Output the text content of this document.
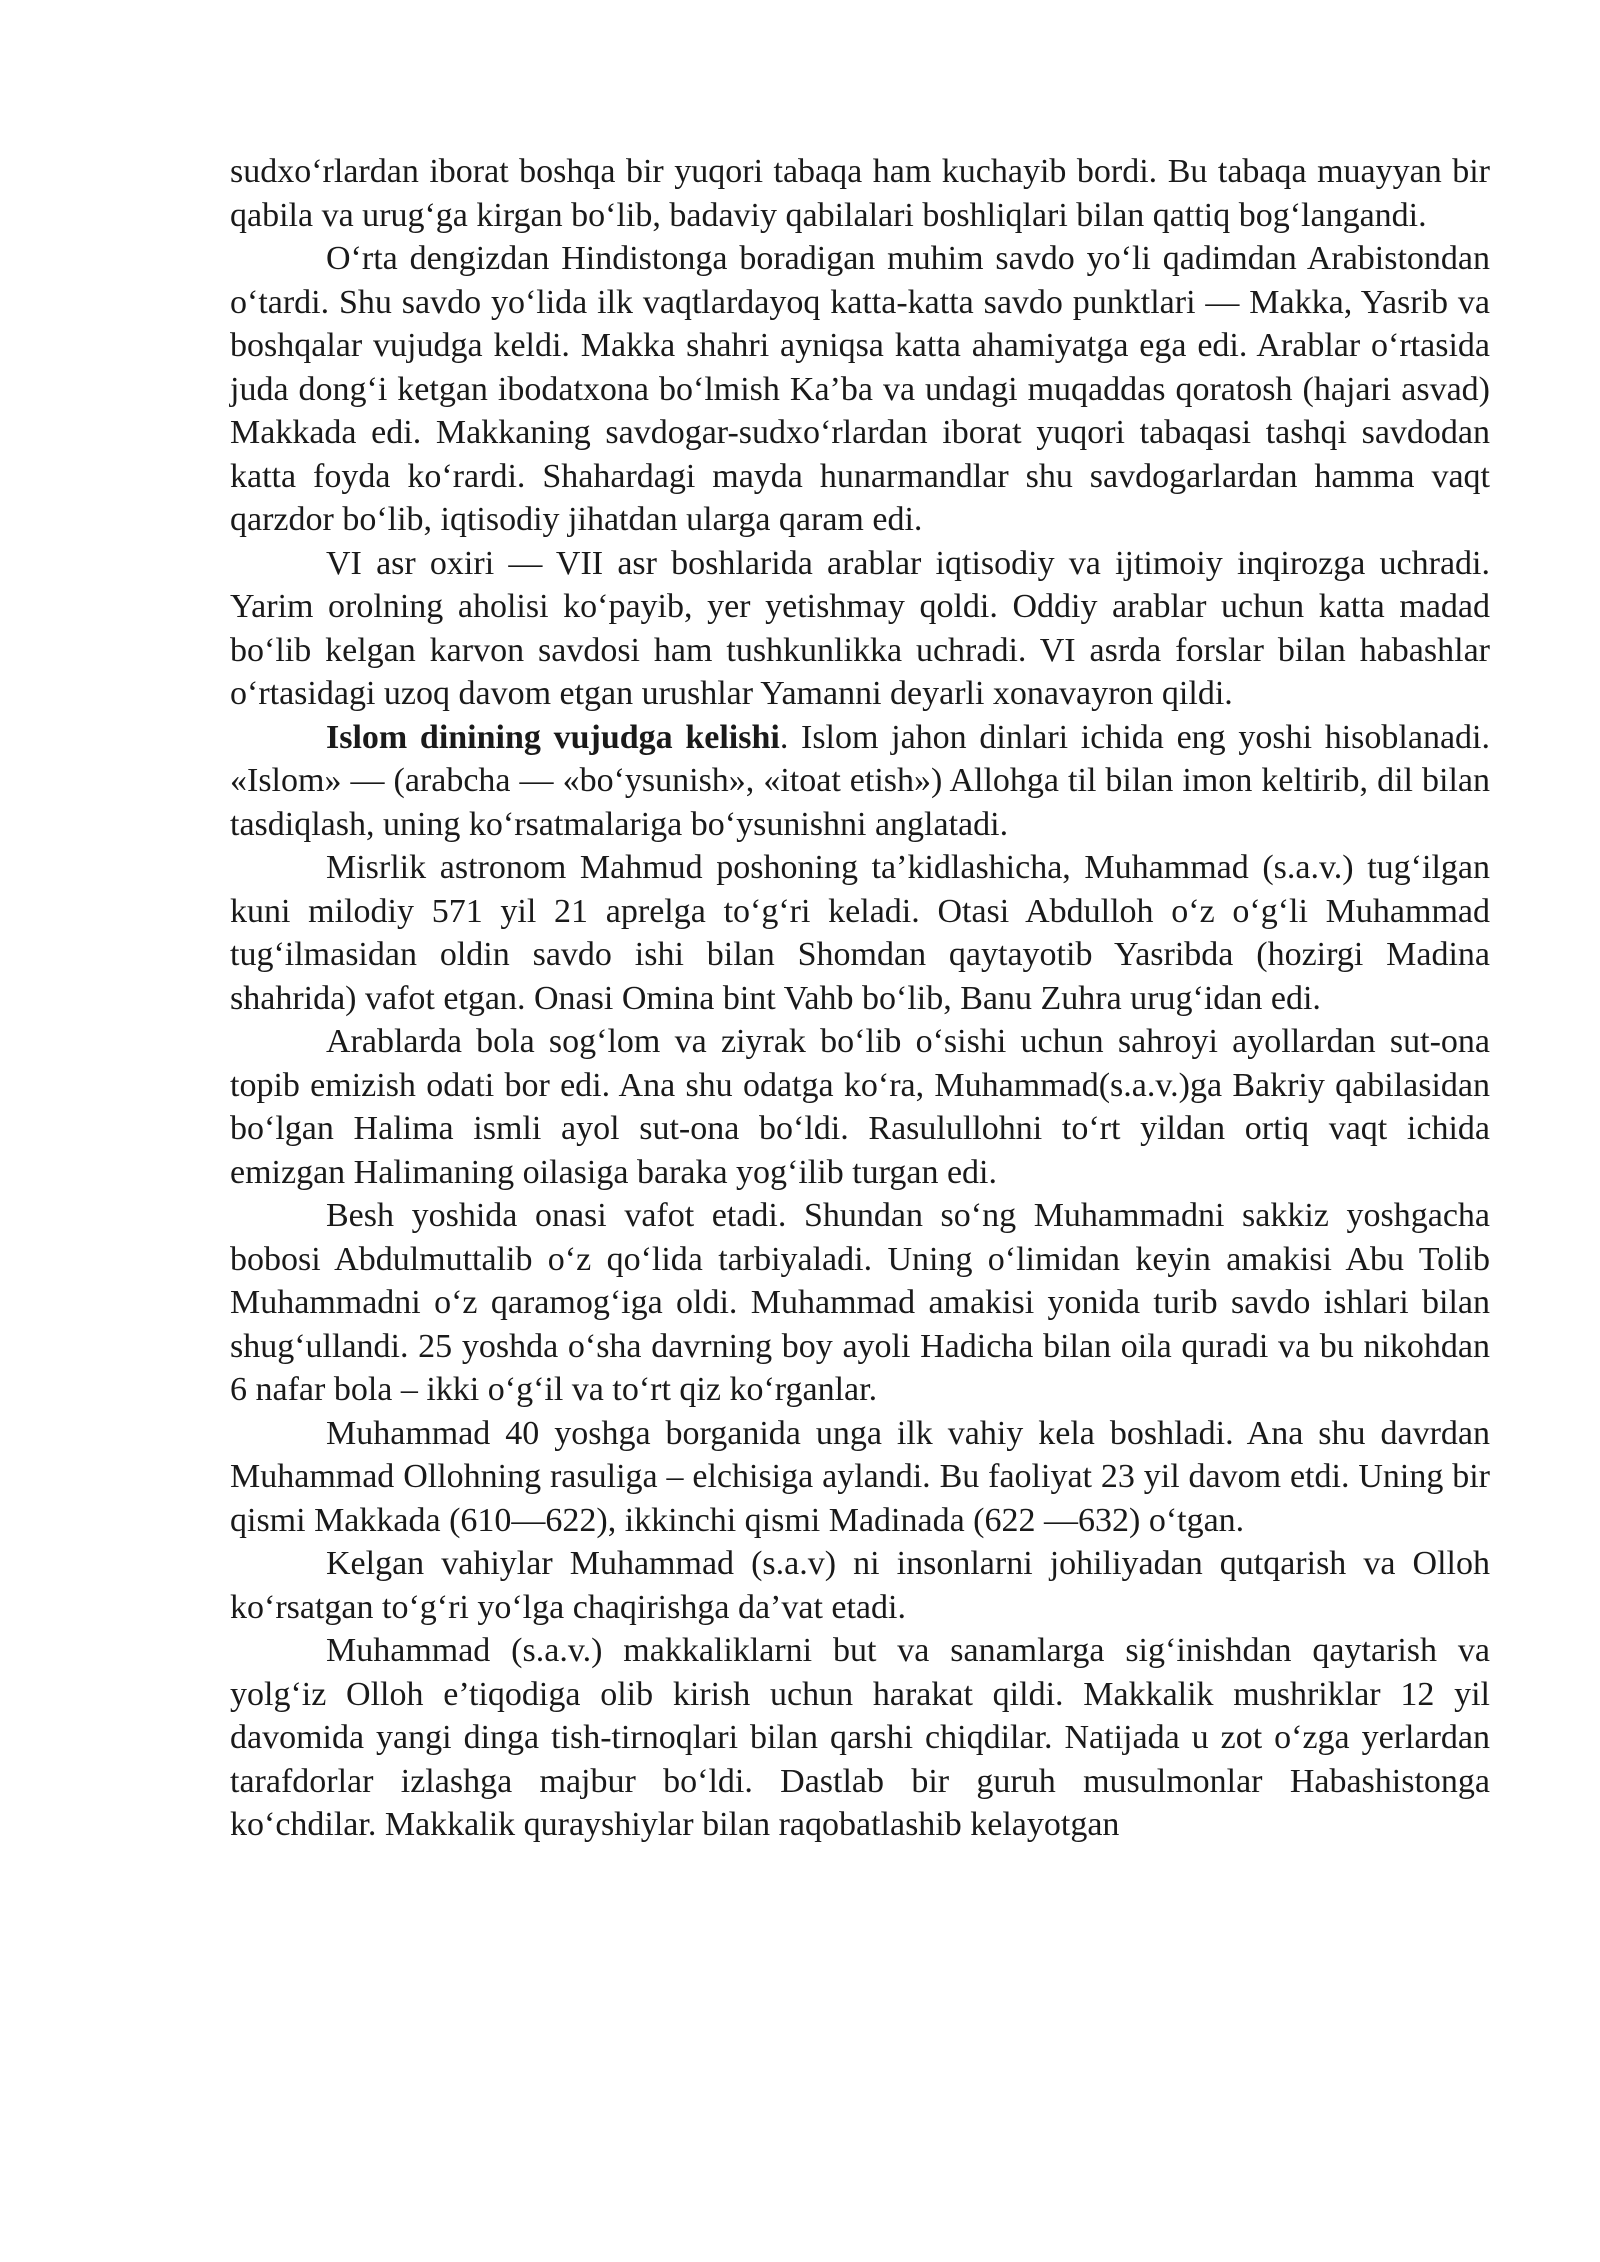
sudxo‘rlardan iborat boshqa bir yuqori tabaqa ham kuchayib bordi. Bu tabaqa muayyan bir qabila va urug‘ga kirgan bo‘lib, badaviy qabilalari boshliqlari bilan qattiq bog‘langandi.

O‘rta dengizdan Hindistonga boradigan muhim savdo yo‘li qadimdan Arabistondan o‘tardi. Shu savdo yo‘lida ilk vaqtlardayoq katta-katta savdo punktlari — Makka, Yasrib va boshqalar vujudga keldi. Makka shahri ayniqsa katta ahamiyatga ega edi. Arablar o‘rtasida juda dong‘i ketgan ibodatxona bo‘lmish Ka’ba va undagi muqaddas qoratosh (hajari asvad) Makkada edi. Makkaning savdogar-sudxo‘rlardan iborat yuqori tabaqasi tashqi savdodan katta foyda ko‘rardi. Shahardagi mayda hunarmandlar shu savdogarlardan hamma vaqt qarzdor bo‘lib, iqtisodiy jihatdan ularga qaram edi.

VI asr oxiri — VII asr boshlarida arablar iqtisodiy va ijtimoiy inqirozga uchradi. Yarim orolning aholisi ko‘payib, yer yetishmay qoldi. Oddiy arablar uchun katta madad bo‘lib kelgan karvon savdosi ham tushkunlikka uchradi. VI asrda forslar bilan habashlar o‘rtasidagi uzoq davom etgan urushlar Yamanni deyarli xonavayron qildi.

Islom dinining vujudga kelishi. Islom jahon dinlari ichida eng yoshi hisoblanadi. «Islom» — (arabcha — «bo‘ysunish», «itoat etish») Allohga til bilan imon keltirib, dil bilan tasdiqlash, uning ko‘rsatmalariga bo‘ysunishni anglatadi.

Misrlik astronom Mahmud poshoning ta’kidlashicha, Muhammad (s.a.v.) tug‘ilgan kuni milodiy 571 yil 21 aprelga to‘g‘ri keladi. Otasi Abdulloh o‘z o‘g‘li Muhammad tug‘ilmasidan oldin savdo ishi bilan Shomdan qaytayotib Yasribda (hozirgi Madina shahrida) vafot etgan. Onasi Omina bint Vahb bo‘lib, Banu Zuhra urug‘idan edi.

Arablarda bola sog‘lom va ziyrak bo‘lib o‘sishi uchun sahroyi ayollardan sut-ona topib emizish odati bor edi. Ana shu odatga ko‘ra, Muhammad(s.a.v.)ga Bakriy qabilasidan bo‘lgan Halima ismli ayol sut-ona bo‘ldi. Rasulullohni to‘rt yildan ortiq vaqt ichida emizgan Halimaning oilasiga baraka yog‘ilib turgan edi.

Besh yoshida onasi vafot etadi. Shundan so‘ng Muhammadni sakkiz yoshgacha bobosi Abdulmuttalib o‘z qo‘lida tarbiyaladi. Uning o‘limidan keyin amakisi Abu Tolib Muhammadni o‘z qaramog‘iga oldi. Muhammad amakisi yonida turib savdo ishlari bilan shug‘ullandi. 25 yoshda o‘sha davrning boy ayoli Hadicha bilan oila quradi va bu nikohdan 6 nafar bola – ikki o‘g‘il va to‘rt qiz ko‘rganlar.

Muhammad 40 yoshga borganida unga ilk vahiy kela boshladi. Ana shu davrdan Muhammad Ollohning rasuliga – elchisiga aylandi. Bu faoliyat 23 yil davom etdi. Uning bir qismi Makkada (610—622), ikkinchi qismi Madinada (622 —632) o‘tgan.

Kelgan vahiylar Muhammad (s.a.v) ni insonlarni johiliyadan qutqarish va Olloh ko‘rsatgan to‘g‘ri yo‘lga chaqirishga da’vat etadi.

Muhammad (s.a.v.) makkaliklarni but va sanamlarga sig‘inishdan qaytarish va yolg‘iz Olloh e’tiqodiga olib kirish uchun harakat qildi. Makkalik mushriklar 12 yil davomida yangi dinga tish-tirnoqlari bilan qarshi chiqdilar. Natijada u zot o‘zga yerlardan tarafdorlar izlashga majbur bo‘ldi. Dastlab bir guruh musulmonlar Habashistonga ko‘chdilar. Makkalik qurayshiylar bilan raqobatlashib kelayotgan
